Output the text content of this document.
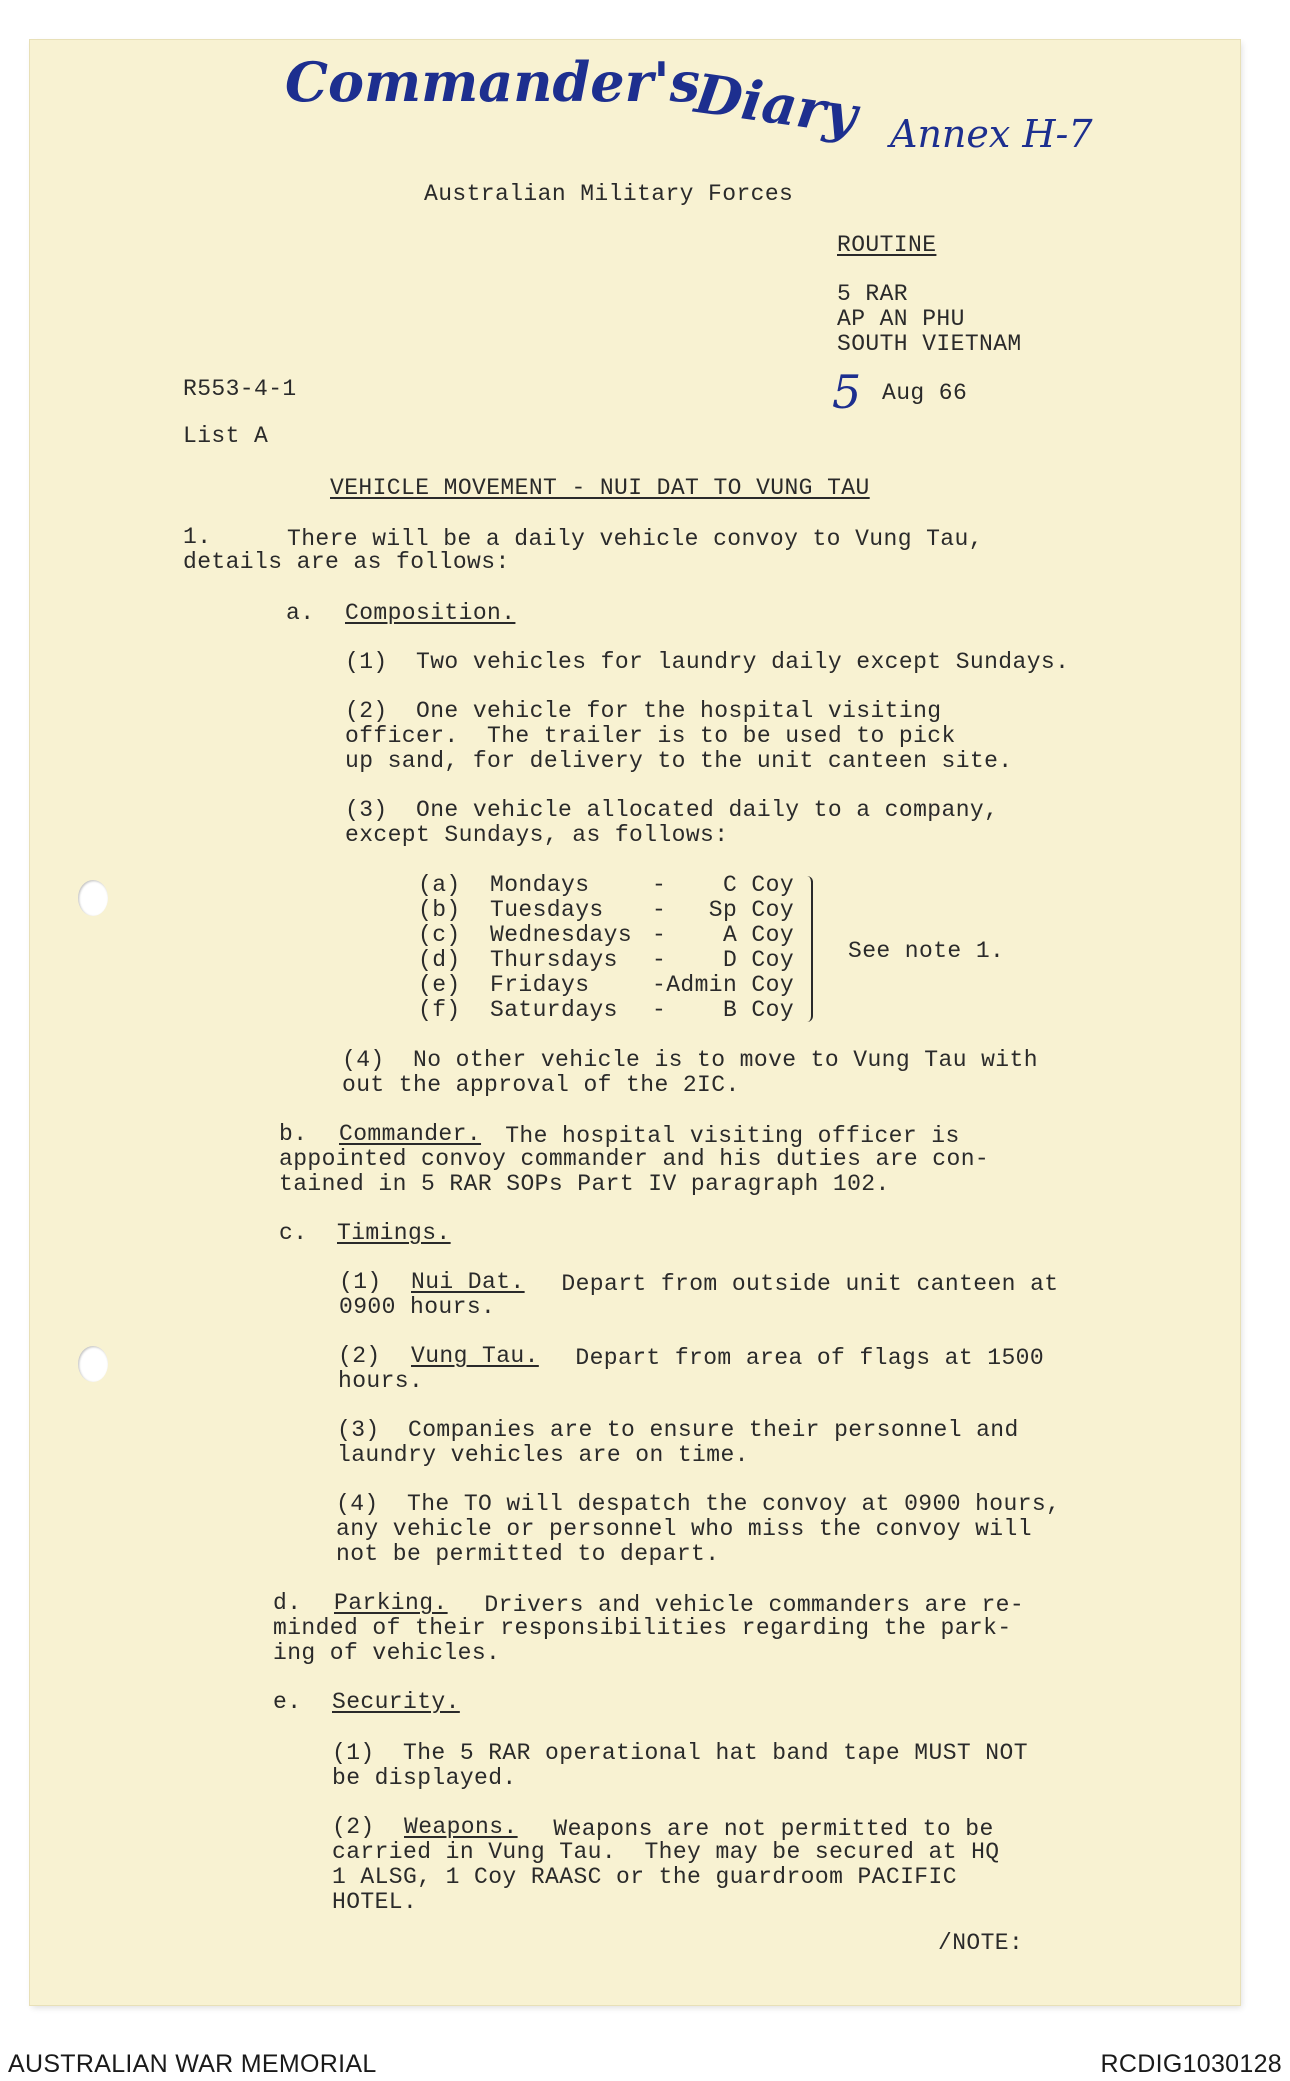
Commander's
Diary Annex H-7
Australian Military Forces
ROUTINE
5 RAR
AP AN PHU
SOUTH VIETNAM
R553-4-1	5 Aug 66
List A
VEHICLE MOVEMENT - NUI DAT TO VUNG TAU
1.	There will be a daily vehicle convoy to Vung Tau,
details are as follows:
a. Composition.
(1)  Two vehicles for laundry daily except Sundays.
(2)  One vehicle for the hospital visiting
officer.  The trailer is to be used to pick
up sand, for delivery to the unit canteen site.
(3)  One vehicle allocated daily to a company,
except Sundays, as follows:
(a) Mondays	-    C Coy
(b) Tuesdays -   Sp Coy
(c) Wednesdays -    A Coy
(d) Thursdays -    D Coy
(e) Fridays	-Admin Coy
(f) Saturdays -    B Coy
See note 1.
(4)  No other vehicle is to move to Vung Tau with
out the approval of the 2IC.
b. Commander. The hospital visiting officer is
appointed convoy commander and his duties are con-
tained in 5 RAR SOPs Part IV paragraph 102.
c. Timings.
(1) Nui Dat. Depart from outside unit canteen at
0900 hours.
(2) Vung Tau. Depart from area of flags at 1500
hours.
(3)  Companies are to ensure their personnel and
laundry vehicles are on time.
(4)  The TO will despatch the convoy at 0900 hours,
any vehicle or personnel who miss the convoy will
not be permitted to depart.
d. Parking. Drivers and vehicle commanders are re-
minded of their responsibilities regarding the park-
ing of vehicles.
e. Security.
(1)  The 5 RAR operational hat band tape MUST NOT
be displayed.
(2) Weapons. Weapons are not permitted to be
carried in Vung Tau.  They may be secured at HQ
1 ALSG, 1 Coy RAASC or the guardroom PACIFIC
HOTEL.
/NOTE:
AUSTRALIAN WAR MEMORIAL	RCDIG1030128
